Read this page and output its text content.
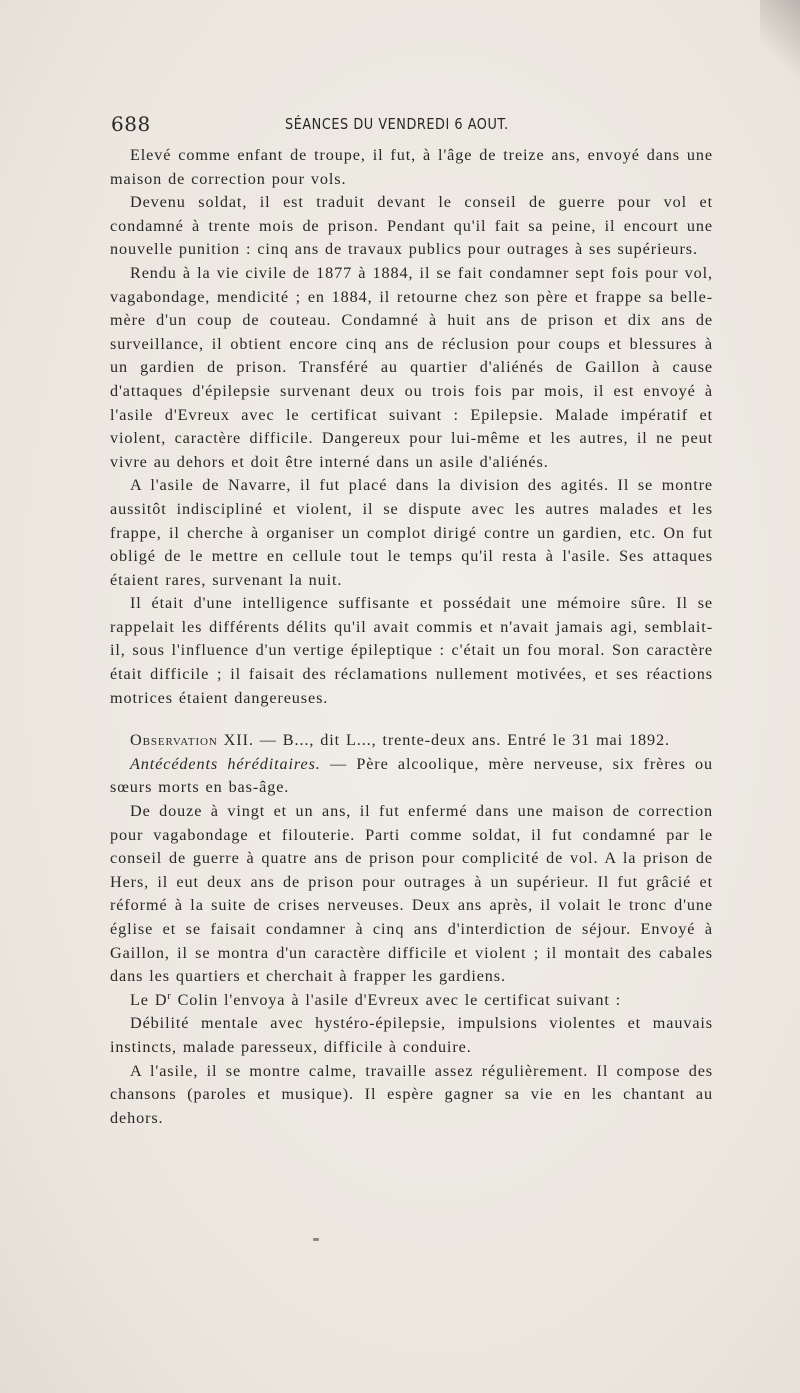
688	SÉANCES DU VENDREDI 6 AOUT.

Elevé comme enfant de troupe, il fut, à l'âge de treize ans, envoyé dans une maison de correction pour vols.

Devenu soldat, il est traduit devant le conseil de guerre pour vol et condamné à trente mois de prison. Pendant qu'il fait sa peine, il encourt une nouvelle punition : cinq ans de travaux publics pour outrages à ses supérieurs.

Rendu à la vie civile de 1877 à 1884, il se fait condamner sept fois pour vol, vagabondage, mendicité ; en 1884, il retourne chez son père et frappe sa belle-mère d'un coup de couteau. Condamné à huit ans de prison et dix ans de surveillance, il obtient encore cinq ans de réclusion pour coups et blessures à un gardien de prison. Transféré au quartier d'aliénés de Gaillon à cause d'attaques d'épilepsie survenant deux ou trois fois par mois, il est envoyé à l'asile d'Evreux avec le certificat suivant : Epilepsie. Malade impératif et violent, caractère difficile. Dangereux pour lui-même et les autres, il ne peut vivre au dehors et doit être interné dans un asile d'aliénés.

A l'asile de Navarre, il fut placé dans la division des agités. Il se montre aussitôt indiscipliné et violent, il se dispute avec les autres malades et les frappe, il cherche à organiser un complot dirigé contre un gardien, etc. On fut obligé de le mettre en cellule tout le temps qu'il resta à l'asile. Ses attaques étaient rares, survenant la nuit.

Il était d'une intelligence suffisante et possédait une mémoire sûre. Il se rappelait les différents délits qu'il avait commis et n'avait jamais agi, semblait-il, sous l'influence d'un vertige épileptique : c'était un fou moral. Son caractère était difficile ; il faisait des réclamations nullement motivées, et ses réactions motrices étaient dangereuses.

Observation XII. — B..., dit L..., trente-deux ans. Entré le 31 mai 1892.

Antécédents héréditaires. — Père alcoolique, mère nerveuse, six frères ou sœurs morts en bas-âge.

De douze à vingt et un ans, il fut enfermé dans une maison de correction pour vagabondage et filouterie. Parti comme soldat, il fut condamné par le conseil de guerre à quatre ans de prison pour complicité de vol. A la prison de Hers, il eut deux ans de prison pour outrages à un supérieur. Il fut grâcié et réformé à la suite de crises nerveuses. Deux ans après, il volait le tronc d'une église et se faisait condamner à cinq ans d'interdiction de séjour. Envoyé à Gaillon, il se montra d'un caractère difficile et violent ; il montait des cabales dans les quartiers et cherchait à frapper les gardiens.

Le $D^r$ Colin l'envoya à l'asile d'Evreux avec le certificat suivant :

Débilité mentale avec hystéro-épilepsie, impulsions violentes et mauvais instincts, malade paresseux, difficile à conduire.

A l'asile, il se montre calme, travaille assez régulièrement. Il compose des chansons (paroles et musique). Il espère gagner sa vie en les chantant au dehors.
